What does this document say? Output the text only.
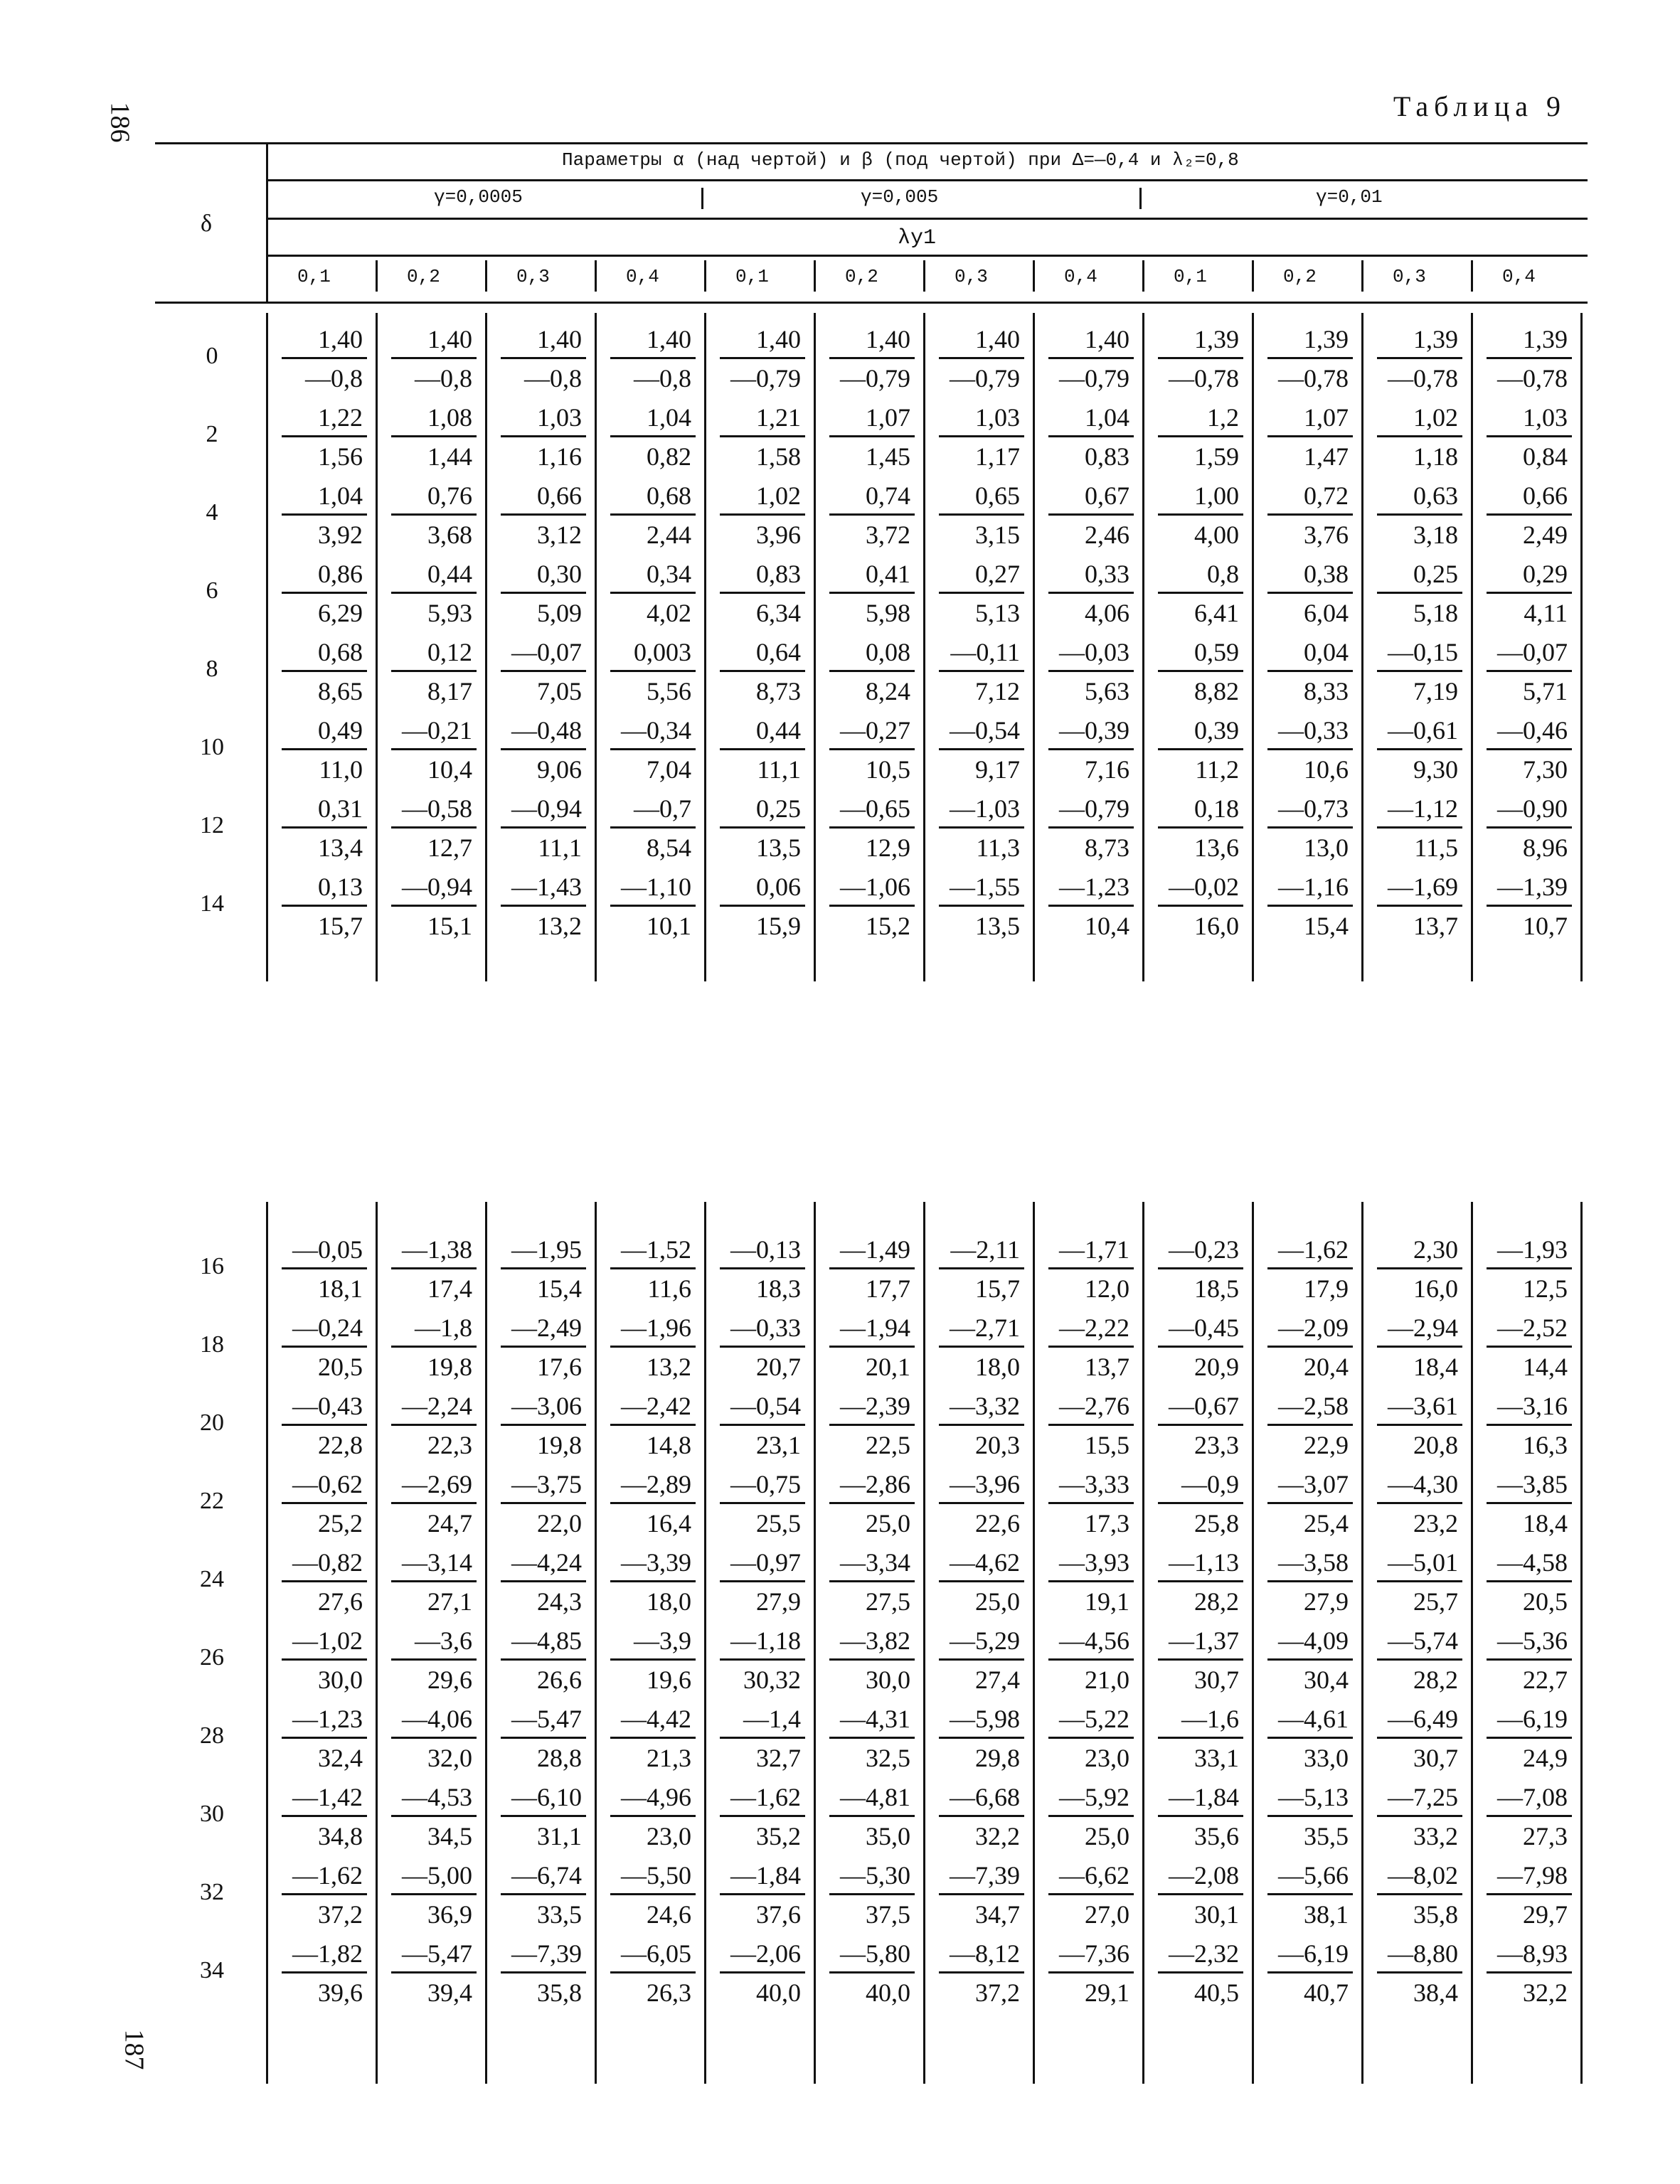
186	Таблица 9
Параметры α (над чертой) и β (под чертой) при Δ=—0,4 и λ₂=0,8
δ
γ=0,0005	γ=0,005	γ=0,01
λy1
0,1	0,2	0,3	0,4	0,1	0,2	0,3	0,4	0,1	0,2	0,3	0,4
0	$\frac{1,40}{—0,8} \frac{1,40}{—0,8} \frac{1,40}{—0,8} \frac{1,40}{—0,8} \frac{1,40}{—0,79} \frac{1,40}{—0,79} \frac{1,40}{—0,79} \frac{1,40}{—0,79} \frac{1,39}{—0,78} \frac{1,39}{—0,78} \frac{1,39}{—0,78} \frac{1,39}{—0,78}$
2	$\frac{1,22}{1,56} \frac{1,08}{1,44} \frac{1,03}{1,16} \frac{1,04}{0,82} \frac{1,21}{1,58} \frac{1,07}{1,45} \frac{1,03}{1,17} \frac{1,04}{0,83} \frac{1,2}{1,59} \frac{1,07}{1,47} \frac{1,02}{1,18} \frac{1,03}{0,84}$
4	$\frac{1,04}{3,92} \frac{0,76}{3,68} \frac{0,66}{3,12} \frac{0,68}{2,44} \frac{1,02}{3,96} \frac{0,74}{3,72} \frac{0,65}{3,15} \frac{0,67}{2,46} \frac{1,00}{4,00} \frac{0,72}{3,76} \frac{0,63}{3,18} \frac{0,66}{2,49}$
6	$\frac{0,86}{6,29} \frac{0,44}{5,93} \frac{0,30}{5,09} \frac{0,34}{4,02} \frac{0,83}{6,34} \frac{0,41}{5,98} \frac{0,27}{5,13} \frac{0,33}{4,06} \frac{0,8}{6,41} \frac{0,38}{6,04} \frac{0,25}{5,18} \frac{0,29}{4,11}$
8	$\frac{0,68}{8,65} \frac{0,12}{8,17} \frac{—0,07}{7,05} \frac{0,003}{5,56} \frac{0,64}{8,73} \frac{0,08}{8,24} \frac{—0,11}{7,12} \frac{—0,03}{5,63} \frac{0,59}{8,82} \frac{0,04}{8,33} \frac{—0,15}{7,19} \frac{—0,07}{5,71}$
10	$\frac{0,49}{11,0} \frac{—0,21}{10,4} \frac{—0,48}{9,06} \frac{—0,34}{7,04} \frac{0,44}{11,1} \frac{—0,27}{10,5} \frac{—0,54}{9,17} \frac{—0,39}{7,16} \frac{0,39}{11,2} \frac{—0,33}{10,6} \frac{—0,61}{9,30} \frac{—0,46}{7,30}$
12	$\frac{0,31}{13,4} \frac{—0,58}{12,7} \frac{—0,94}{11,1} \frac{—0,7}{8,54} \frac{0,25}{13,5} \frac{—0,65}{12,9} \frac{—1,03}{11,3} \frac{—0,79}{8,73} \frac{0,18}{13,6} \frac{—0,73}{13,0} \frac{—1,12}{11,5} \frac{—0,90}{8,96}$
14	$\frac{0,13}{15,7} \frac{—0,94}{15,1} \frac{—1,43}{13,2} \frac{—1,10}{10,1} \frac{0,06}{15,9} \frac{—1,06}{15,2} \frac{—1,55}{13,5} \frac{—1,23}{10,4} \frac{—0,02}{16,0} \frac{—1,16}{15,4} \frac{—1,69}{13,7} \frac{—1,39}{10,7}$
16	$\frac{—0,05}{18,1} \frac{—1,38}{17,4} \frac{—1,95}{15,4} \frac{—1,52}{11,6} \frac{—0,13}{18,3} \frac{—1,49}{17,7} \frac{—2,11}{15,7} \frac{—1,71}{12,0} \frac{—0,23}{18,5} \frac{—1,62}{17,9} \frac{2,30}{16,0} \frac{—1,93}{12,5}$
18	$\frac{—0,24}{20,5} \frac{—1,8}{19,8} \frac{—2,49}{17,6} \frac{—1,96}{13,2} \frac{—0,33}{20,7} \frac{—1,94}{20,1} \frac{—2,71}{18,0} \frac{—2,22}{13,7} \frac{—0,45}{20,9} \frac{—2,09}{20,4} \frac{—2,94}{18,4} \frac{—2,52}{14,4}$
20	$\frac{—0,43}{22,8} \frac{—2,24}{22,3} \frac{—3,06}{19,8} \frac{—2,42}{14,8} \frac{—0,54}{23,1} \frac{—2,39}{22,5} \frac{—3,32}{20,3} \frac{—2,76}{15,5} \frac{—0,67}{23,3} \frac{—2,58}{22,9} \frac{—3,61}{20,8} \frac{—3,16}{16,3}$
22	$\frac{—0,62}{25,2} \frac{—2,69}{24,7} \frac{—3,75}{22,0} \frac{—2,89}{16,4} \frac{—0,75}{25,5} \frac{—2,86}{25,0} \frac{—3,96}{22,6} \frac{—3,33}{17,3} \frac{—0,9}{25,8} \frac{—3,07}{25,4} \frac{—4,30}{23,2} \frac{—3,85}{18,4}$
24	$\frac{—0,82}{27,6} \frac{—3,14}{27,1} \frac{—4,24}{24,3} \frac{—3,39}{18,0} \frac{—0,97}{27,9} \frac{—3,34}{27,5} \frac{—4,62}{25,0} \frac{—3,93}{19,1} \frac{—1,13}{28,2} \frac{—3,58}{27,9} \frac{—5,01}{25,7} \frac{—4,58}{20,5}$
26	$\frac{—1,02}{30,0} \frac{—3,6}{29,6} \frac{—4,85}{26,6} \frac{—3,9}{19,6} \frac{—1,18}{30,32} \frac{—3,82}{30,0} \frac{—5,29}{27,4} \frac{—4,56}{21,0} \frac{—1,37}{30,7} \frac{—4,09}{30,4} \frac{—5,74}{28,2} \frac{—5,36}{22,7}$
28	$\frac{—1,23}{32,4} \frac{—4,06}{32,0} \frac{—5,47}{28,8} \frac{—4,42}{21,3} \frac{—1,4}{32,7} \frac{—4,31}{32,5} \frac{—5,98}{29,8} \frac{—5,22}{23,0} \frac{—1,6}{33,1} \frac{—4,61}{33,0} \frac{—6,49}{30,7} \frac{—6,19}{24,9}$
30	$\frac{—1,42}{34,8} \frac{—4,53}{34,5} \frac{—6,10}{31,1} \frac{—4,96}{23,0} \frac{—1,62}{35,2} \frac{—4,81}{35,0} \frac{—6,68}{32,2} \frac{—5,92}{25,0} \frac{—1,84}{35,6} \frac{—5,13}{35,5} \frac{—7,25}{33,2} \frac{—7,08}{27,3}$
32	$\frac{—1,62}{37,2} \frac{—5,00}{36,9} \frac{—6,74}{33,5} \frac{—5,50}{24,6} \frac{—1,84}{37,6} \frac{—5,30}{37,5} \frac{—7,39}{34,7} \frac{—6,62}{27,0} \frac{—2,08}{30,1} \frac{—5,66}{38,1} \frac{—8,02}{35,8} \frac{—7,98}{29,7}$
34	$\frac{—1,82}{39,6} \frac{—5,47}{39,4} \frac{—7,39}{35,8} \frac{—6,05}{26,3} \frac{—2,06}{40,0} \frac{—5,80}{40,0} \frac{—8,12}{37,2} \frac{—7,36}{29,1} \frac{—2,32}{40,5} \frac{—6,19}{40,7} \frac{—8,80}{38,4} \frac{—8,93}{32,2}$
187
